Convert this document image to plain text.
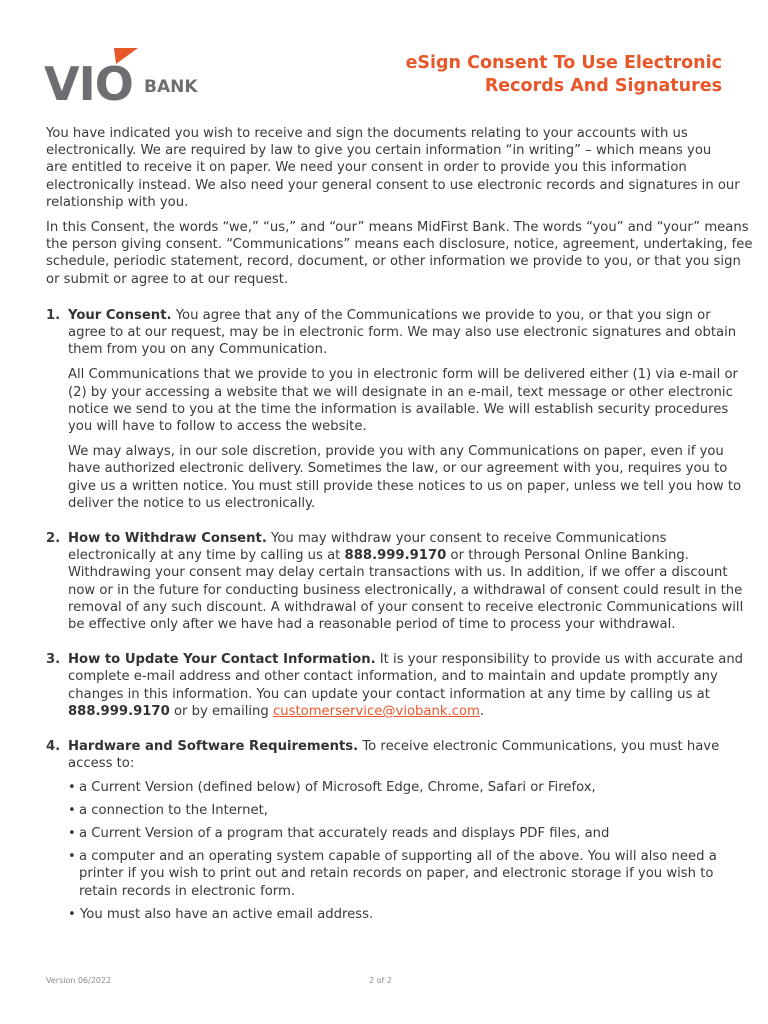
VIO BANK
eSign Consent To Use Electronic
Records And Signatures

You have indicated you wish to receive and sign the documents relating to your accounts with us

electronically. We are required by law to give you certain information “in writing” – which means you

are entitled to receive it on paper. We need your consent in order to provide you this information

electronically instead. We also need your general consent to use electronic records and signatures in our

relationship with you.

In this Consent, the words “we,” “us,” and “our” means MidFirst Bank. The words “you” and “your” means

the person giving consent. “Communications” means each disclosure, notice, agreement, undertaking, fee

schedule, periodic statement, record, document, or other information we provide to you, or that you sign

or submit or agree to at our request.

1. Your Consent. You agree that any of the Communications we provide to you, or that you sign or

agree to at our request, may be in electronic form. We may also use electronic signatures and obtain

them from you on any Communication.

All Communications that we provide to you in electronic form will be delivered either (1) via e-mail or

(2) by your accessing a website that we will designate in an e-mail, text message or other electronic

notice we send to you at the time the information is available. We will establish security procedures

you will have to follow to access the website.

We may always, in our sole discretion, provide you with any Communications on paper, even if you

have authorized electronic delivery. Sometimes the law, or our agreement with you, requires you to

give us a written notice. You must still provide these notices to us on paper, unless we tell you how to

deliver the notice to us electronically.

2. How to Withdraw Consent. You may withdraw your consent to receive Communications

electronically at any time by calling us at 888.999.9170 or through Personal Online Banking.

Withdrawing your consent may delay certain transactions with us. In addition, if we offer a discount

now or in the future for conducting business electronically, a withdrawal of consent could result in the

removal of any such discount. A withdrawal of your consent to receive electronic Communications will

be effective only after we have had a reasonable period of time to process your withdrawal.

3. How to Update Your Contact Information. It is your responsibility to provide us with accurate and

complete e-mail address and other contact information, and to maintain and update promptly any

changes in this information. You can update your contact information at any time by calling us at

888.999.9170 or by emailing customerservice@viobank.com.

4. Hardware and Software Requirements. To receive electronic Communications, you must have

access to:

• a Current Version (defined below) of Microsoft Edge, Chrome, Safari or Firefox,

• a connection to the Internet,

• a Current Version of a program that accurately reads and displays PDF files, and

• a computer and an operating system capable of supporting all of the above. You will also need a

printer if you wish to print out and retain records on paper, and electronic storage if you wish to

retain records in electronic form.

• You must also have an active email address.

Version 06/2022	2 of 2
